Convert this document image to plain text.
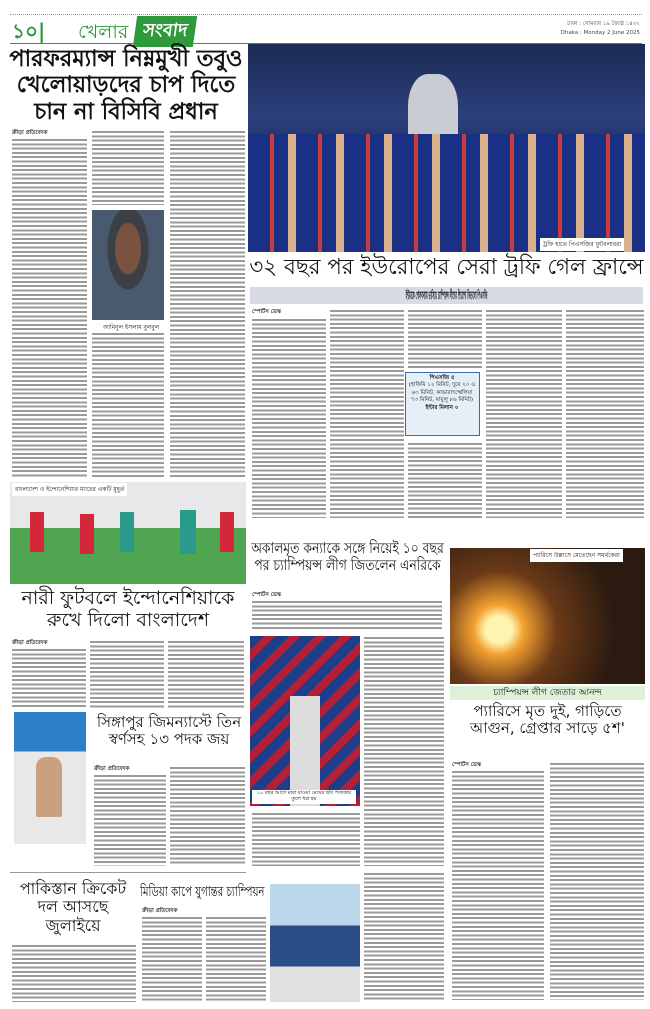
১০| খেলার সংবাদ	ঢাকা : সোমবার ১৯ জ্যৈষ্ঠ ১৪৩২
Dhaka : Monday 2 June 2025
পারফরম্যান্স নিম্নমুখী তবুও খেলোয়াড়দের চাপ দিতে চান না বিসিবি প্রধান
ক্রীড়া প্রতিবেদক
আমিনুল ইসলাম বুলবুল
ট্রফি হাতে পিএসজির ফুটবলাররা
৩২ বছর পর ইউরোপের সেরা ট্রফি গেল ফ্রান্সে
ইন্টারকে গোলবন্যায় ভাসিয়ে চ্যাম্পিয়ন্স লীগের শিরোপা জিতলো পিএসজি
স্পোর্টস ডেস্ক
পিএসজি ৫
(হাকিমি ১২ মিনিট, দুয়ে ২০ ও ৬৩ মিনিট, কাভারাৎস্খেলিয়া ৭৩ মিনিট, মায়ুলু ৮৬ মিনিট)
ইন্টার মিলান ০
বাংলাদেশ ও ইন্দোনেশিয়ার ম্যাচের একটি মুহূর্ত
নারী ফুটবলে ইন্দোনেশিয়াকে রুখে দিলো বাংলাদেশ
ক্রীড়া প্রতিবেদক
সিঙ্গাপুর জিমন্যাস্টে তিন স্বর্ণসহ ১৩ পদক জয়
ক্রীড়া প্রতিবেদক
অকালমৃত কন্যাকে সঙ্গে নিয়েই ১০ বছর পর চ্যাম্পিয়ন্স লীগ জিতলেন এনরিকে
স্পোর্টস ডেস্ক
১০ বছর আগে মারা যাওয়া মেয়ের ছবি পতাকায় তুলে ধরা হয়
প্যারিসে উল্লাসে মেতেছেন সমর্থকেরা
চ্যাম্পিয়ন্স লীগ জেতার আনন্দ
প্যারিসে মৃত দুই, গাড়িতে আগুন, গ্রেপ্তার সাড়ে ৫শ'
স্পোর্টস ডেস্ক
পাকিস্তান ক্রিকেট দল আসছে জুলাইয়ে
মিডিয়া কাপে যুগান্তর চ্যাম্পিয়ন
ক্রীড়া প্রতিবেদক
